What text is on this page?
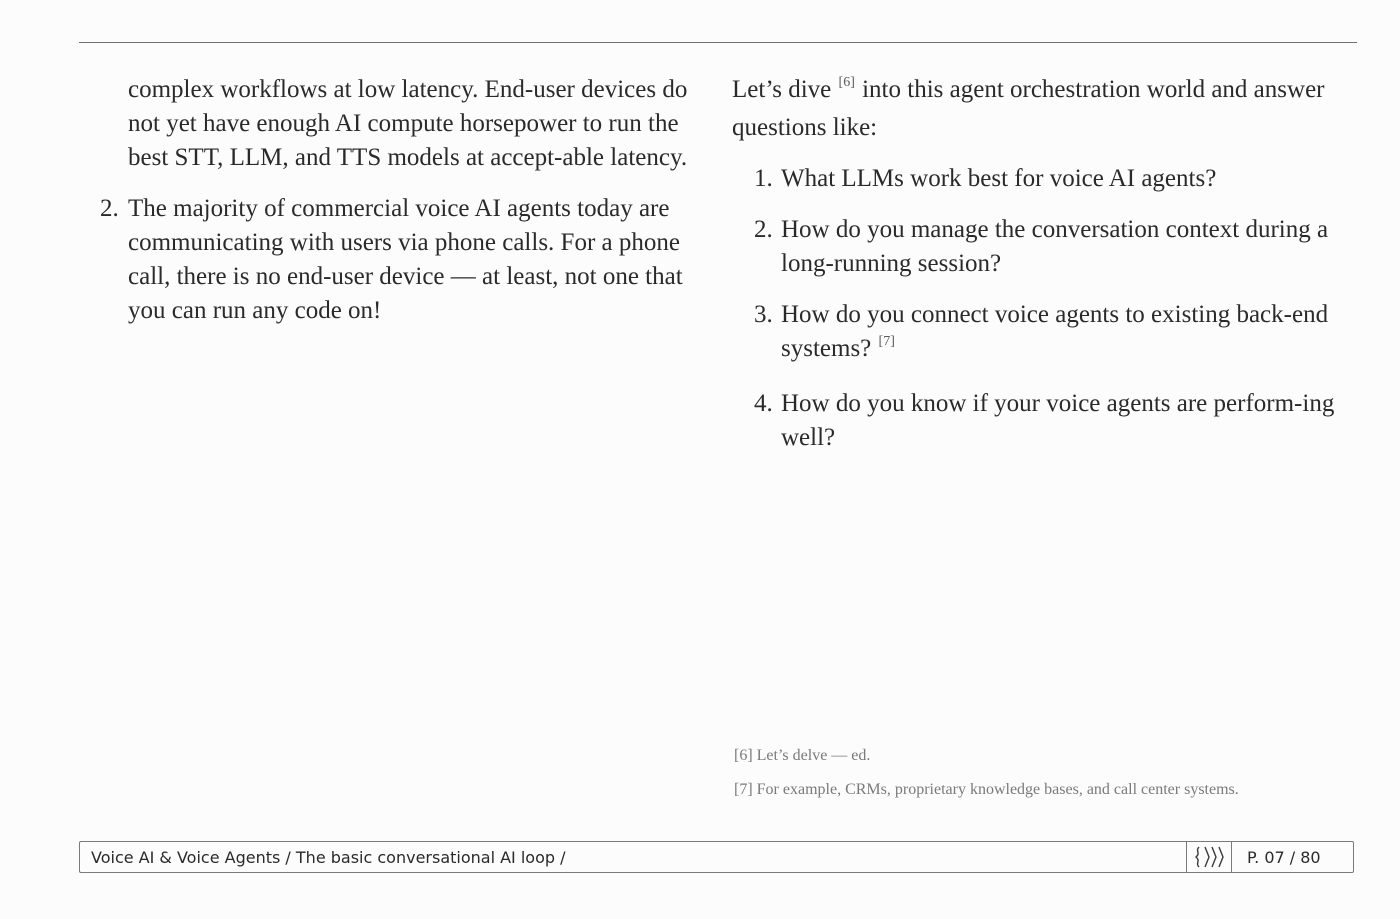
complex workflows at low latency. End-user devices do not yet have enough AI compute horsepower to run the best STT, LLM, and TTS models at accept-able latency.
2. The majority of commercial voice AI agents today are communicating with users via phone calls. For a phone call, there is no end-user device — at least, not one that you can run any code on!

Let’s dive [6] into this agent orchestration world and answer questions like:

1. What LLMs work best for voice AI agents?
2. How do you manage the conversation context during a long-running session?
3. How do you connect voice agents to existing back-end systems? [7]
4. How do you know if your voice agents are perform-ing well?

[6] Let’s delve — ed.

[7] For example, CRMs, proprietary knowledge bases, and call center systems.

Voice AI & Voice Agents / The basic conversational AI loop /	P. 07 / 80
